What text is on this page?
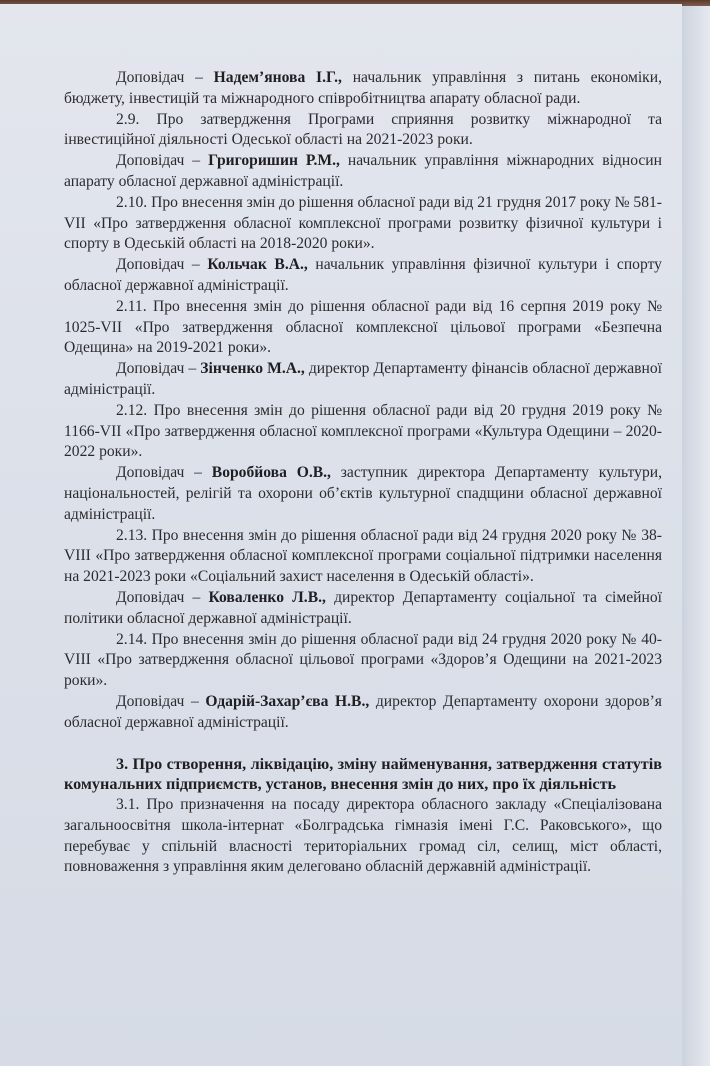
Доповідач – Надем’янова І.Г., начальник управління з питань економіки, бюджету, інвестицій та міжнародного співробітництва апарату обласної ради.

2.9. Про затвердження Програми сприяння розвитку міжнародної та інвестиційної діяльності Одеської області на 2021-2023 роки.

Доповідач – Григоришин Р.М., начальник управління міжнародних відносин апарату обласної державної адміністрації.

2.10. Про внесення змін до рішення обласної ради від 21 грудня 2017 року № 581-VII «Про затвердження обласної комплексної програми розвитку фізичної культури і спорту в Одеській області на 2018-2020 роки».

Доповідач – Кольчак В.А., начальник управління фізичної культури і спорту обласної державної адміністрації.

2.11. Про внесення змін до рішення обласної ради від 16 серпня 2019 року № 1025-VII «Про затвердження обласної комплексної цільової програми «Безпечна Одещина» на 2019-2021 роки».

Доповідач – Зінченко М.А., директор Департаменту фінансів обласної державної адміністрації.

2.12. Про внесення змін до рішення обласної ради від 20 грудня 2019 року № 1166-VII «Про затвердження обласної комплексної програми «Культура Одещини – 2020-2022 роки».

Доповідач – Воробйова О.В., заступник директора Департаменту культури, національностей, релігій та охорони об’єктів культурної спадщини обласної державної адміністрації.

2.13. Про внесення змін до рішення обласної ради від 24 грудня 2020 року № 38-VIII «Про затвердження обласної комплексної програми соціальної підтримки населення на 2021-2023 роки «Соціальний захист населення в Одеській області».

Доповідач – Коваленко Л.В., директор Департаменту соціальної та сімейної політики обласної державної адміністрації.

2.14. Про внесення змін до рішення обласної ради від 24 грудня 2020 року № 40-VIII «Про затвердження обласної цільової програми «Здоров’я Одещини на 2021-2023 роки».

Доповідач – Одарій-Захар’єва Н.В., директор Департаменту охорони здоров’я обласної державної адміністрації.

3. Про створення, ліквідацію, зміну найменування, затвердження статутів комунальних підприємств, установ, внесення змін до них, про їх діяльність

3.1. Про призначення на посаду директора обласного закладу «Спеціалізована загальноосвітня школа-інтернат «Болградська гімназія імені Г.С. Раковського», що перебуває у спільній власності територіальних громад сіл, селищ, міст області, повноваження з управління яким делеговано обласній державній адміністрації.
